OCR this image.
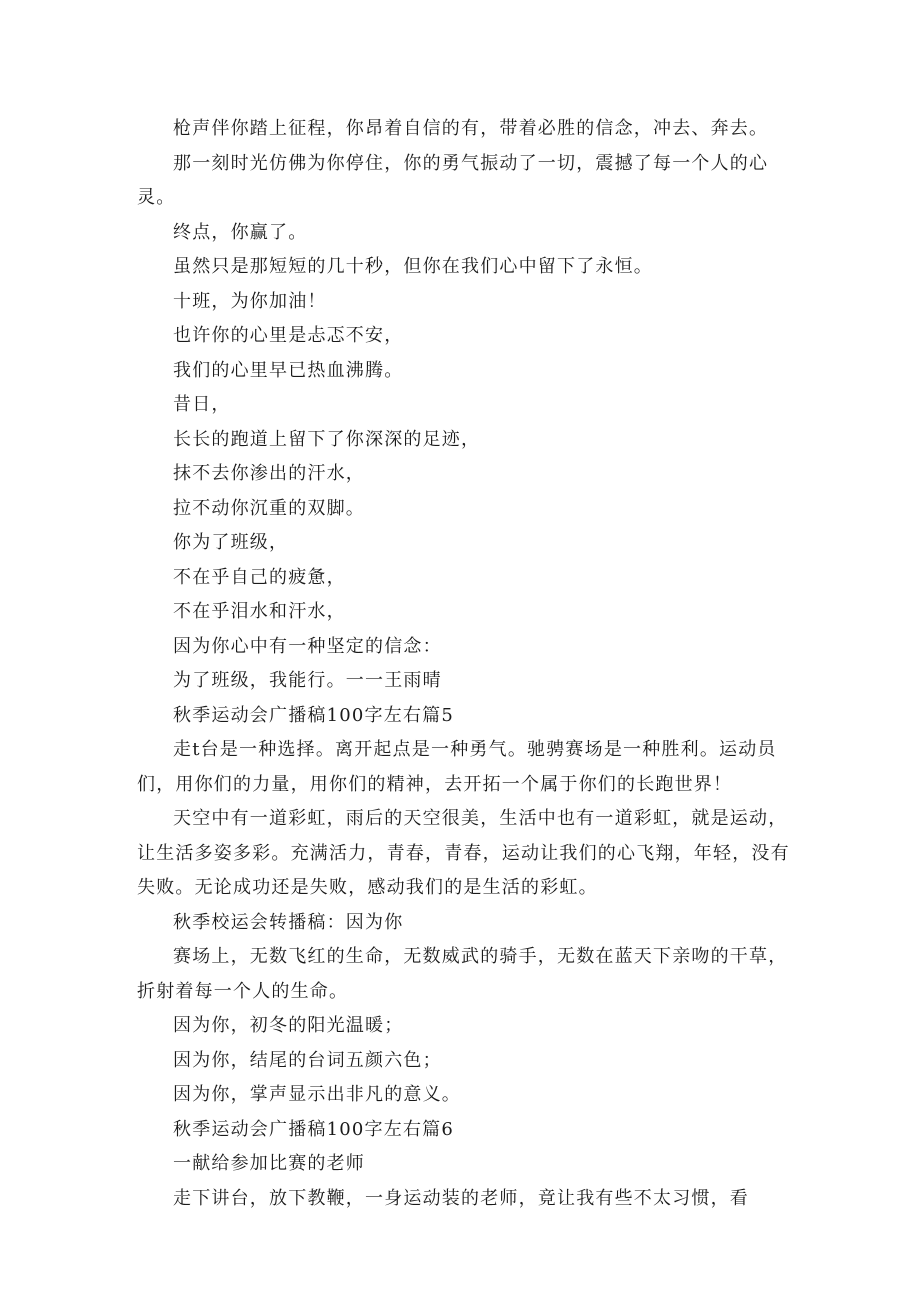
枪声伴你踏上征程，你昂着自信的有，带着必胜的信念，冲去、奔去。

那一刻时光仿佛为你停住，你的勇气振动了一切，震撼了每一个人的心灵。

终点，你赢了。

虽然只是那短短的几十秒，但你在我们心中留下了永恒。

十班，为你加油！

也许你的心里是忐忑不安，

我们的心里早已热血沸腾。

昔日，

长长的跑道上留下了你深深的足迹，

抹不去你渗出的汗水，

拉不动你沉重的双脚。

你为了班级，

不在乎自己的疲惫，

不在乎泪水和汗水，

因为你心中有一种坚定的信念：

为了班级，我能行。一一王雨晴

秋季运动会广播稿100字左右篇5

走t台是一种选择。离开起点是一种勇气。驰骋赛场是一种胜利。运动员们，用你们的力量，用你们的精神，去开拓一个属于你们的长跑世界！

天空中有一道彩虹，雨后的天空很美，生活中也有一道彩虹，就是运动，让生活多姿多彩。充满活力，青春，青春，运动让我们的心飞翔，年轻，没有失败。无论成功还是失败，感动我们的是生活的彩虹。

秋季校运会转播稿：因为你

赛场上，无数飞红的生命，无数威武的骑手，无数在蓝天下亲吻的干草，折射着每一个人的生命。

因为你，初冬的阳光温暖；

因为你，结尾的台词五颜六色；

因为你，掌声显示出非凡的意义。

秋季运动会广播稿100字左右篇6

一献给参加比赛的老师

走下讲台，放下教鞭，一身运动装的老师，竟让我有些不太习惯，看
